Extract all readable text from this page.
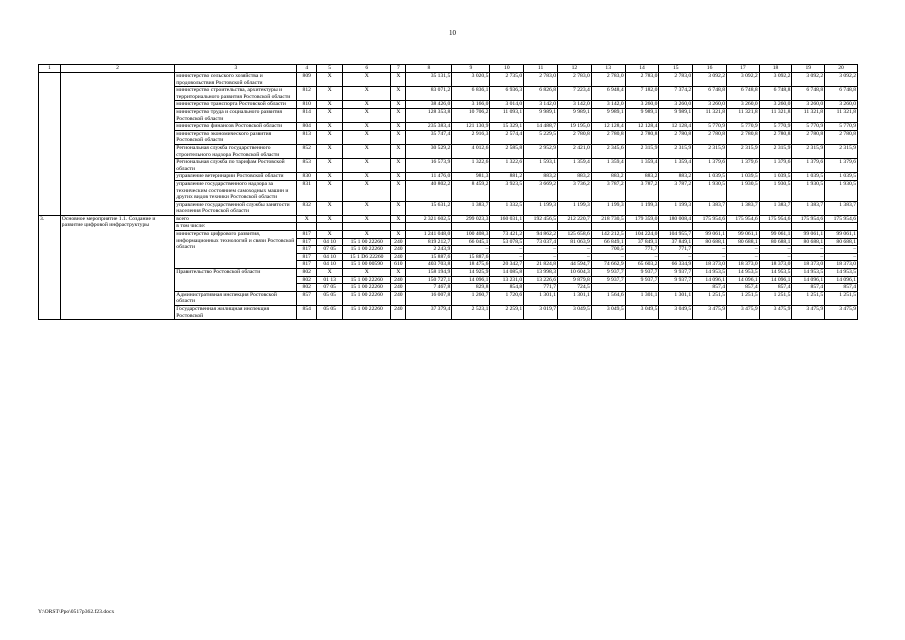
10
1	2	3	4	5	6	7	8	9	10	11	12	13	14	15	16	17	18	19	20
		министерство сельского хозяйства и продовольствия Ростовской области	809	X	X	X	35 131,5	3 020,5	2 735,0	2 783,0	2 783,0	2 783,0	2 783,0	2 783,0	3 092,2	3 092,2	3 092,2	3 092,2	3 092,2
		министерство строительства, архитектуры и территориального развития Ростовской области	812	X	X	X	83 071,2	6 836,1	6 936,3	6 826,8	7 223,4	6 948,4	7 182,0	7 374,2	6 748,8	6 748,8	6 748,8	6 748,8	6 748,8
		министерство транспорта Ростовской области	810	X	X	X	38 426,0	3 166,0	3 014,0	3 142,0	3 142,0	3 142,0	3 260,0	3 260,0	3 260,0	3 260,0	3 260,0	3 260,0	3 260,0
		министерство труда и социального развития Ростовской области	814	X	X	X	128 353,8	10 706,2	11 093,1	9 989,1	9 989,1	9 989,1	9 989,1	9 989,1	11 321,8	11 321,8	11 321,8	11 321,8	11 321,8
		министерство финансов Ростовской области	804	X	X	X	235 383,4	121 130,9	15 329,1	14 488,7	19 195,0	12 128,4	12 128,4	12 128,4	5 770,9	5 770,9	5 770,9	5 770,9	5 770,9
		министерство экономического развития Ростовской области	813	X	X	X	35 747,4	2 916,3	2 574,4	5 229,5	2 780,8	2 780,8	2 780,8	2 780,8	2 780,8	2 780,8	2 780,8	2 780,8	2 780,8
		Региональная служба государственного строительного надзора Ростовской области	852	X	X	X	30 529,2	4 012,6	2 585,8	2 952,9	2 421,0	2 345,6	2 315,9	2 315,9	2 315,9	2 315,9	2 315,9	2 315,9	2 315,9
		Региональная служба по тарифам Ростовской области	853	X	X	X	16 573,9	1 322,6	1 322,6	1 593,1	1 359,4	1 359,4	1 359,4	1 359,4	1 379,6	1 379,6	1 379,6	1 379,6	1 379,6
		управление ветеринарии Ростовской области	830	X	X	X	11 476,0	981,3	881,2	883,2	883,2	883,2	883,2	883,2	1 039,5	1 039,5	1 039,5	1 039,5	1 039,5
		управление государственного надзора за техническим состоянием самоходных машин и других видов техники Ростовской области	831	X	X	X	40 802,2	8 459,2	3 923,5	3 669,2	3 736,2	3 787,2	3 787,2	3 787,2	1 930,5	1 930,5	1 930,5	1 930,5	1 930,5
		управление государственной службы занятости населения Ростовской области	832	X	X	X	15 631,2	1 383,7	1 332,5	1 199,3	1 199,3	1 199,3	1 199,3	1 199,3	1 383,7	1 383,7	1 383,7	1 383,7	1 383,7
3.	Основное мероприятие 1.1. Создание и развитие цифровой инфраструктуры	всего	X	X	X	X	2 321 602,5	299 023,3	160 031,1	192 456,5	212 220,7	218 730,5	179 359,0	180 008,4	175 954,6	175 954,6	175 954,6	175 954,6	175 954,6
		в том числе:																	
		министерство цифрового развития, информационных технологий и связи Ростовской области	817	X	X	X	1 241 048,0	100 408,3	73 421,2	94 862,2	125 658,6	142 212,5	104 224,0	104 955,7	99 061,1	99 061,1	99 061,1	99 061,1	99 061,1
			817	04 10	15 1 00 22260	240	819 212,7	66 045,1	53 078,5	73 037,4	81 063,9	66 849,1	37 849,1	37 849,1	80 688,1	80 688,1	80 688,1	80 688,1	80 688,1
			817	07 05	15 1 00 22260	240	2 243,9	–	–	–	–	700,5	771,7	771,7	–	–	–	–	–
			817	04 10	15 1 D6 22260	240	15 887,6	15 887,6	–	–	–	–	–	–	–	–	–	–	–
			817	04 10	15 1 00 00590	610	403 703,8	18 475,6	20 342,7	21 824,8	44 594,7	74 662,9	65 603,2	66 334,9	18 373,0	18 373,0	18 373,0	18 373,0	18 373,0
		Правительство Ростовской области	802	X	X	X	158 194,9	14 925,9	14 085,8	13 998,3	10 604,3	9 937,7	9 937,7	9 937,7	14 953,5	14 953,5	14 953,5	14 953,5	14 953,5
			802	01 13	15 1 00 22260	240	150 727,1	14 096,1	13 231,0	13 226,6	9 879,8	9 937,7	9 937,7	9 937,7	14 096,1	14 096,1	14 096,1	14 096,1	14 096,1
			802	07 05	15 1 00 22260	240	7 467,8	829,8	854,8	771,7	724,5				857,4	857,4	857,4	857,4	857,4
		Административная инспекция Ростовской области	857	05 05	15 1 00 22260	240	16 007,8	1 260,7	1 720,6	1 301,1	1 301,1	1 564,6	1 301,1	1 301,1	1 251,5	1 251,5	1 251,5	1 251,5	1 251,5
		Государственная жилищная инспекция Ростовской	854	05 05	15 1 00 22260	240	37 379,4	2 523,1	2 259,1	3 019,7	3 049,5	3 049,5	3 049,5	3 049,5	3 475,9	3 475,9	3 475,9	3 475,9	3 475,9
Y:\ORST\Ppo\0517p362.f23.docx
